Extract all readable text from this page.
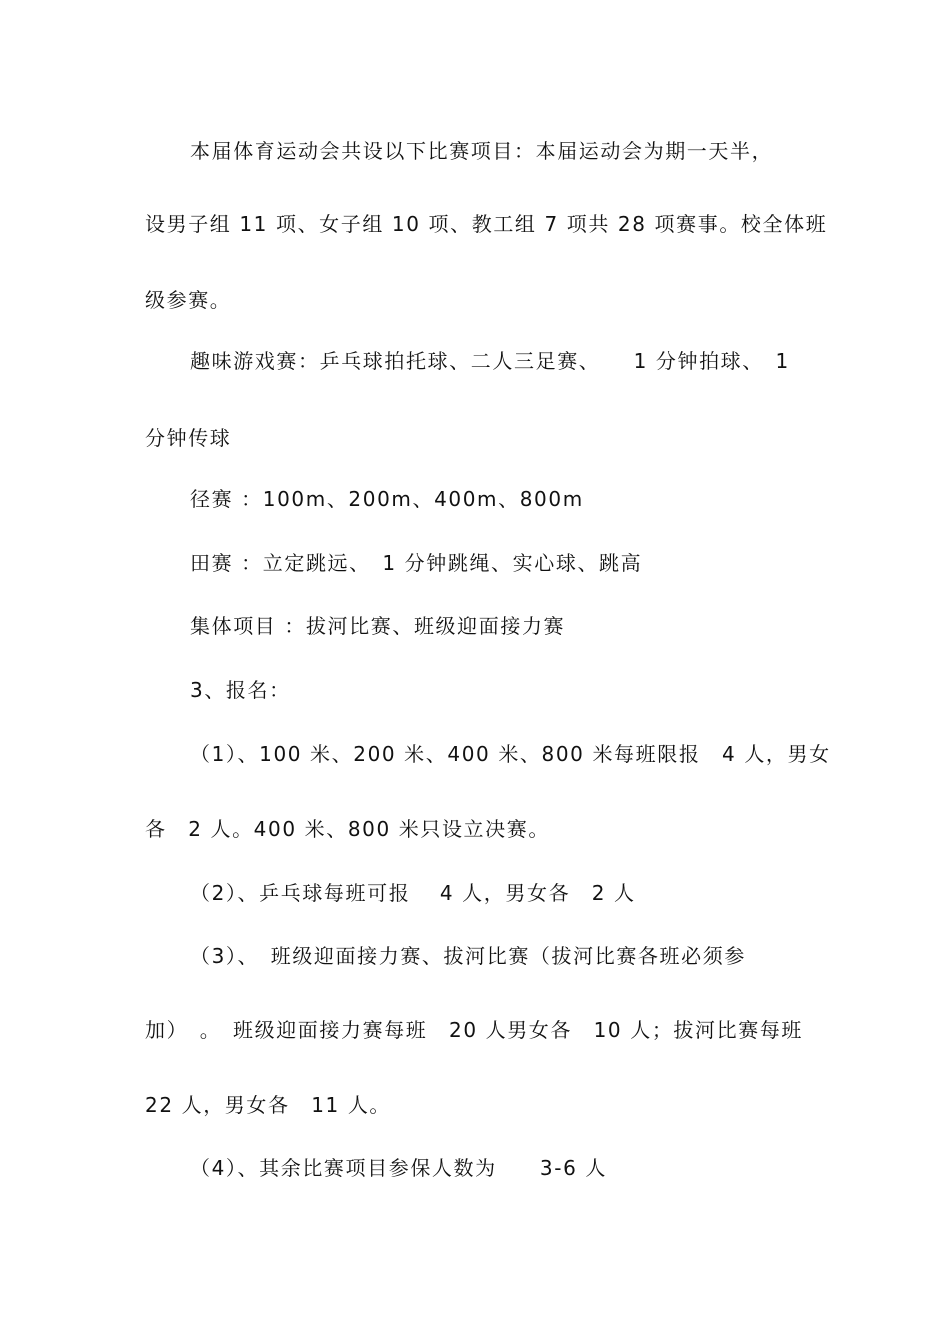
本届体育运动会共设以下比赛项目：本届运动会为期一天半，
设男子组 11 项、女子组 10 项、教工组 7 项共 28 项赛事。校全体班
级参赛。
趣味游戏赛：乒乓球拍托球、二人三足赛、　　1 分钟拍球、　1
分钟传球
径赛 ：100m、200m、400m、800m
田赛 ：立定跳远、　1 分钟跳绳、实心球、跳高
集体项目 ：拔河比赛、班级迎面接力赛
3、报名：
（1）、100 米、200 米、400 米、800 米每班限报　4 人，男女
各　2 人。400 米、800 米只设立决赛。
（2）、乒乓球每班可报　 4 人，男女各　2 人
（3）、　班级迎面接力赛、拔河比赛（拔河比赛各班必须参
加）　。　班级迎面接力赛每班　20 人男女各　10 人；拔河比赛每班
22 人，男女各　11 人。
（4）、其余比赛项目参保人数为　　3-6 人
